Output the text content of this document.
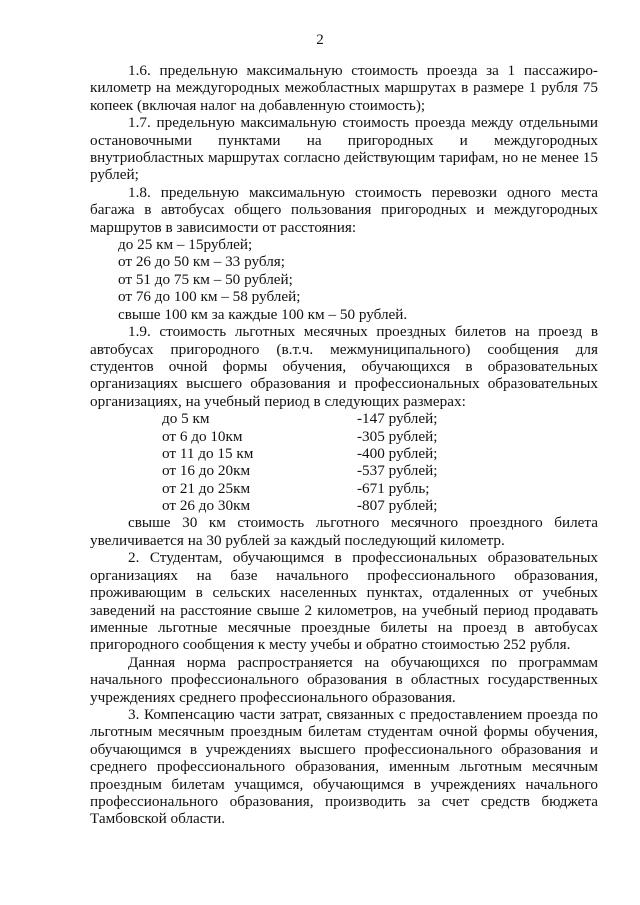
2

1.6. предельную максимальную стоимость проезда за 1 пассажиро-километр на междугородных межобластных маршрутах в размере 1 рубля 75 копеек (включая налог на добавленную стоимость);

1.7. предельную максимальную стоимость проезда между отдельными остановочными пунктами на пригородных и междугородных внутриобластных маршрутах согласно действующим тарифам, но не менее 15 рублей;

1.8. предельную максимальную стоимость перевозки одного места багажа в автобусах общего пользования пригородных и междугородных маршрутов в зависимости от расстояния:

до 25 км – 15рублей;
от 26 до 50 км – 33 рубля;
от 51 до 75 км – 50 рублей;
от 76 до 100 км – 58 рублей;
свыше 100 км за каждые 100 км – 50 рублей.

1.9. стоимость льготных месячных проездных билетов на проезд в автобусах пригородного (в.т.ч. межмуниципального) сообщения для студентов очной формы обучения, обучающихся в образовательных организациях высшего образования и профессиональных образовательных организациях, на учебный период в следующих размерах:

до 5 км	-147 рублей;
от 6 до 10км	-305 рублей;
от 11 до 15 км	-400 рублей;
от 16 до 20км	-537 рублей;
от 21 до 25км	-671 рубль;
от 26 до 30км	-807 рублей;

свыше 30 км стоимость льготного месячного проездного билета увеличивается на 30 рублей за каждый последующий километр.

2. Студентам, обучающимся в профессиональных образовательных организациях на базе начального профессионального образования, проживающим в сельских населенных пунктах, отдаленных от учебных заведений на расстояние свыше 2 километров, на учебный период продавать именные льготные месячные проездные билеты на проезд в автобусах пригородного сообщения к месту учебы и обратно стоимостью 252 рубля.

Данная норма распространяется на обучающихся по программам начального профессионального образования в областных государственных учреждениях среднего профессионального образования.

3. Компенсацию части затрат, связанных с предоставлением проезда по льготным месячным проездным билетам студентам очной формы обучения, обучающимся в учреждениях высшего профессионального образования и среднего профессионального образования, именным льготным месячным проездным билетам учащимся, обучающимся в учреждениях начального профессионального образования, производить за счет средств бюджета Тамбовской области.
